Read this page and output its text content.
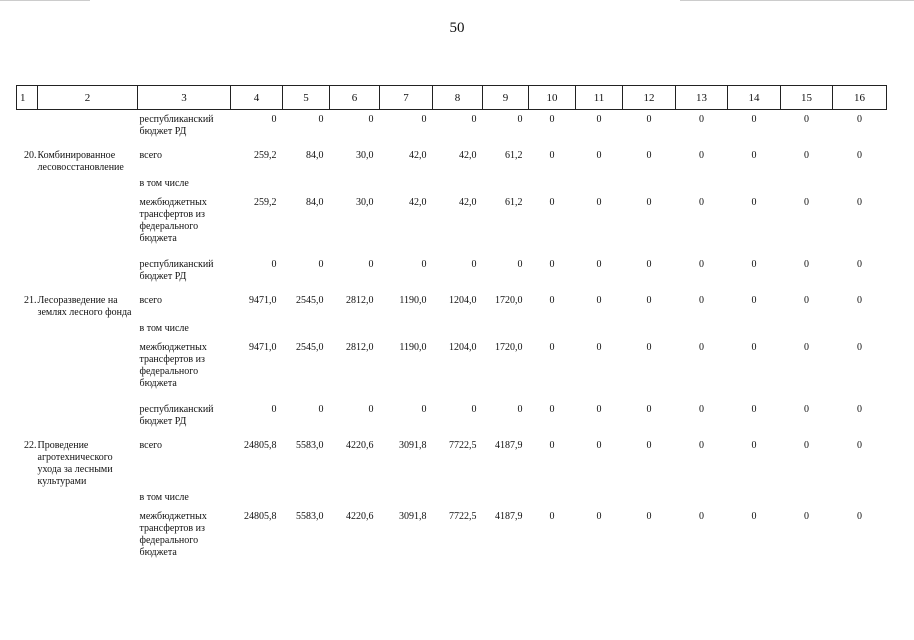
50
1	2	3	4	5	6	7	8	9	10	11	12	13	14	15	16
		республиканский бюджет РД	0	0	0	0	0	0	0	0	0	0	0	0	0
20.	Комбинированное лесовосстановление	всего	259,2	84,0	30,0	42,0	42,0	61,2	0	0	0	0	0	0	0
		в том числе													
		межбюджетных трансфертов из федерального бюджета	259,2	84,0	30,0	42,0	42,0	61,2	0	0	0	0	0	0	0
		республиканский бюджет РД	0	0	0	0	0	0	0	0	0	0	0	0	0
21.	Лесоразведение на землях лесного фонда	всего	9471,0	2545,0	2812,0	1190,0	1204,0	1720,0	0	0	0	0	0	0	0
		в том числе													
		межбюджетных трансфертов из федерального бюджета	9471,0	2545,0	2812,0	1190,0	1204,0	1720,0	0	0	0	0	0	0	0
		республиканский бюджет РД	0	0	0	0	0	0	0	0	0	0	0	0	0
22.	Проведение агротехнического ухода за лесными культурами	всего	24805,8	5583,0	4220,6	3091,8	7722,5	4187,9	0	0	0	0	0	0	0
		в том числе													
		межбюджетных трансфертов из федерального бюджета	24805,8	5583,0	4220,6	3091,8	7722,5	4187,9	0	0	0	0	0	0	0
